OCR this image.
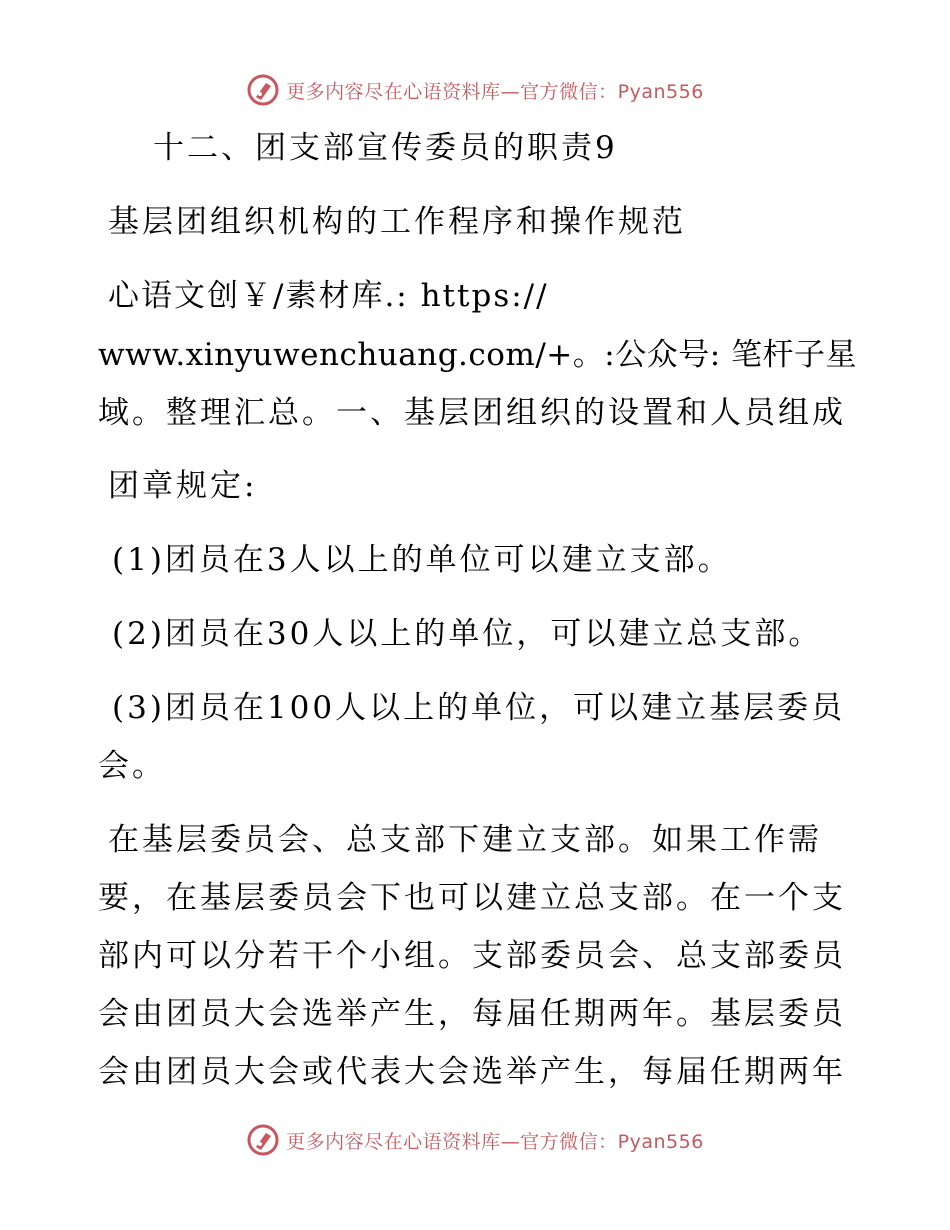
更多内容尽在心语资料库—官方微信：Pyan556
十二、团支部宣传委员的职责9
基层团组织机构的工作程序和操作规范
心语文创￥/素材库.: https://
www.xinyuwenchuang.com/+。:公众号: 笔杆子星
域。整理汇总。一、基层团组织的设置和人员组成
团章规定:
(1)团员在3人以上的单位可以建立支部。
(2)团员在30人以上的单位，可以建立总支部。
(3)团员在100人以上的单位，可以建立基层委员
会。
在基层委员会、总支部下建立支部。如果工作需
要，在基层委员会下也可以建立总支部。在一个支
部内可以分若干个小组。支部委员会、总支部委员
会由团员大会选举产生，每届任期两年。基层委员
会由团员大会或代表大会选举产生，每届任期两年
更多内容尽在心语资料库—官方微信：Pyan556
